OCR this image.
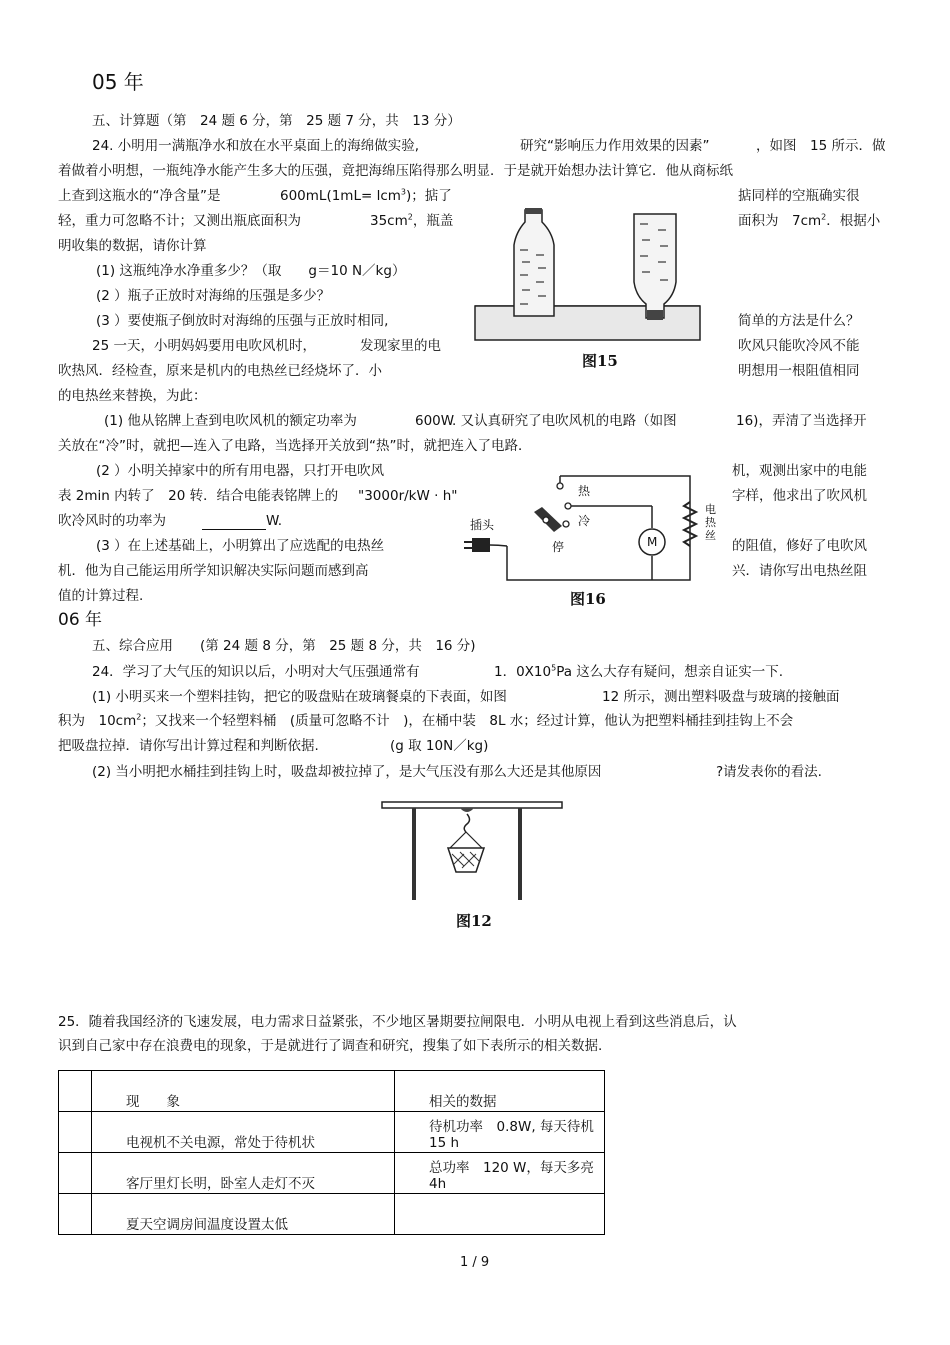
05 年
五、计算题（第　24 题 6 分，第　25 题 7 分，共　13 分）
24. 小明用一满瓶净水和放在水平桌面上的海绵做实验,	研究“影响压力作用效果的因素”	，如图　15 所示．做
着做着小明想，一瓶纯净水能产生多大的压强，竟把海绵压陷得那么明显．于是就开始想办法计算它．他从商标纸
上查到这瓶水的“净含量”是	600mL(1mL= lcm$^3$)；掂了	掂同样的空瓶确实很
轻，重力可忽略不计；又测出瓶底面积为	$35cm^2$，瓶盖	面积为　$7cm^2$．根据小
明收集的数据，请你计算
(1) 这瓶纯净水净重多少？（取　　g＝10 N／kg）
(2 ）瓶子正放时对海绵的压强是多少？
(3 ）要使瓶子倒放时对海绵的压强与正放时相同,	简单的方法是什么？
图15
25 一天，小明妈妈要用电吹风机时，	发现家里的电	吹风只能吹冷风不能
吹热风．经检查，原来是机内的电热丝已经烧坏了．小	明想用一根阻值相同
的电热丝来替换，为此：
(1) 他从铭牌上查到电吹风机的额定功率为	600W
. 又认真研究了电吹风机的电路（如图	16)，弄清了当选择开
关放在“冷”时，就把—连入了电路，当选择开关放到“热”时，就把连入了电路．
(2 ）小明关掉家中的所有用电器，只打开电吹风	机，观测出家中的电能
表 2min 内转了　20 转．结合电能表铭牌上的 "3000r/kW · h"	字样，他求出了吹风机
吹冷风时的功率为	W.
(3 ）在上述基础上，小明算出了应选配的电热丝	的阻值，修好了电吹风
机．他为自己能运用所学知识解决实际问题而感到高	兴．请你写出电热丝阻
值的计算过程.
插头
热
冷
停	M
电热丝
图16
06 年
五、综合应用　　(第 24 题 8 分，第　25 题 8 分，共　16 分)
24．学习了大气压的知识以后，小明对大气压强通常有	1．$0X10^5Pa$ 这么大存有疑问，想亲自证实一下.
(1) 小明买来一个塑料挂钩，把它的吸盘贴在玻璃餐桌的下表面，如图	12 所示，测出塑料吸盘与玻璃的接触面
积为　$10cm^2$；又找来一个轻塑料桶　(质量可忽略不计　)，在桶中装　8L 水；经过计算，他认为把塑料桶挂到挂钩上不会
把吸盘拉掉．请你写出计算过程和判断依据.	(g 取 10N／kg)
(2) 当小明把水桶挂到挂钩上时，吸盘却被拉掉了，是大气压没有那么大还是其他原因	?请发表你的看法.
图12
25．随着我国经济的飞速发展，电力需求日益紧张，不少地区暑期要拉闸限电．小明从电视上看到这些消息后，认
识到自己家中存在浪费电的现象，于是就进行了调查和研究，搜集了如下表所示的相关数据.
	现　　象	相关的数据
	电视机不关电源，常处于待机状	待机功率　0.8W, 每天待机　15 h
	客厅里灯长明，卧室人走灯不灭	总功率　120 W，每天多亮　4h
	夏天空调房间温度设置太低	
1 / 9
